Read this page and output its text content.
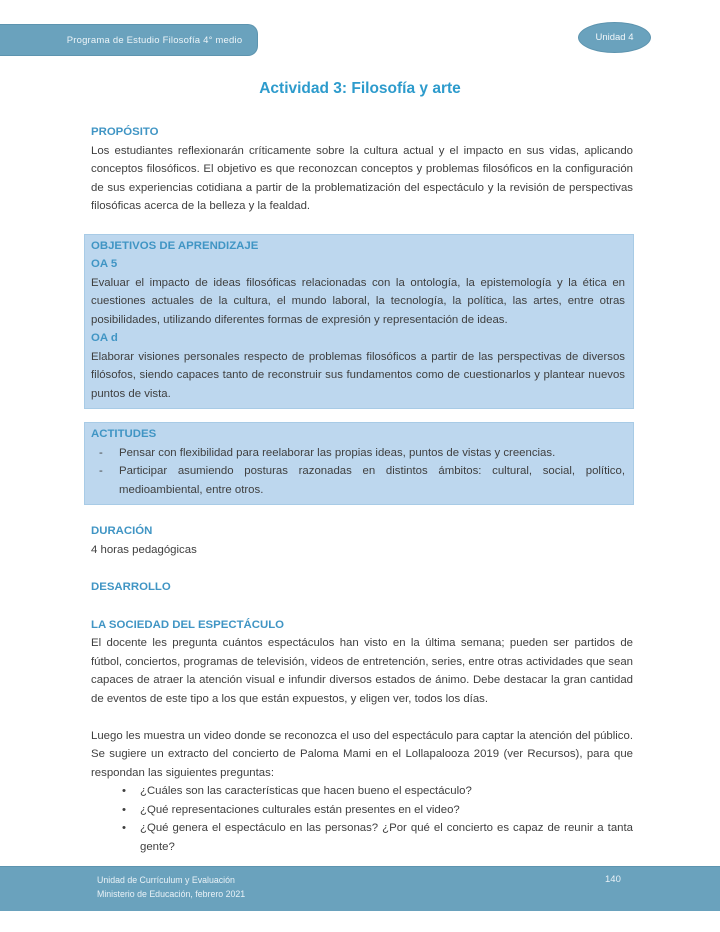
Programa de Estudio Filosofía 4° medio	Unidad 4
Actividad 3: Filosofía y arte

PROPÓSITO

Los estudiantes reflexionarán críticamente sobre la cultura actual y el impacto en sus vidas, aplicando conceptos filosóficos. El objetivo es que reconozcan conceptos y problemas filosóficos en la configuración de sus experiencias cotidiana a partir de la problematización del espectáculo y la revisión de perspectivas filosóficas acerca de la belleza y la fealdad.

OBJETIVOS DE APRENDIZAJE

OA 5

Evaluar el impacto de ideas filosóficas relacionadas con la ontología, la epistemología y la ética en cuestiones actuales de la cultura, el mundo laboral, la tecnología, la política, las artes, entre otras posibilidades, utilizando diferentes formas de expresión y representación de ideas.

OA d

Elaborar visiones personales respecto de problemas filosóficos a partir de las perspectivas de diversos filósofos, siendo capaces tanto de reconstruir sus fundamentos como de cuestionarlos y plantear nuevos puntos de vista.

ACTITUDES

- Pensar con flexibilidad para reelaborar las propias ideas, puntos de vistas y creencias.
- Participar asumiendo posturas razonadas en distintos ámbitos: cultural, social, político, medioambiental, entre otros.

DURACIÓN

4 horas pedagógicas

DESARROLLO

LA SOCIEDAD DEL ESPECTÁCULO

El docente les pregunta cuántos espectáculos han visto en la última semana; pueden ser partidos de fútbol, conciertos, programas de televisión, videos de entretención, series, entre otras actividades que sean capaces de atraer la atención visual e infundir diversos estados de ánimo. Debe destacar la gran cantidad de eventos de este tipo a los que están expuestos, y eligen ver, todos los días.

Luego les muestra un video donde se reconozca el uso del espectáculo para captar la atención del público. Se sugiere un extracto del concierto de Paloma Mami en el Lollapalooza 2019 (ver Recursos), para que respondan las siguientes preguntas:

• ¿Cuáles son las características que hacen bueno el espectáculo?
• ¿Qué representaciones culturales están presentes en el video?
• ¿Qué genera el espectáculo en las personas? ¿Por qué el concierto es capaz de reunir a tanta gente?
Unidad de Currículum y Evaluación
Ministerio de Educación, febrero 2021
140
